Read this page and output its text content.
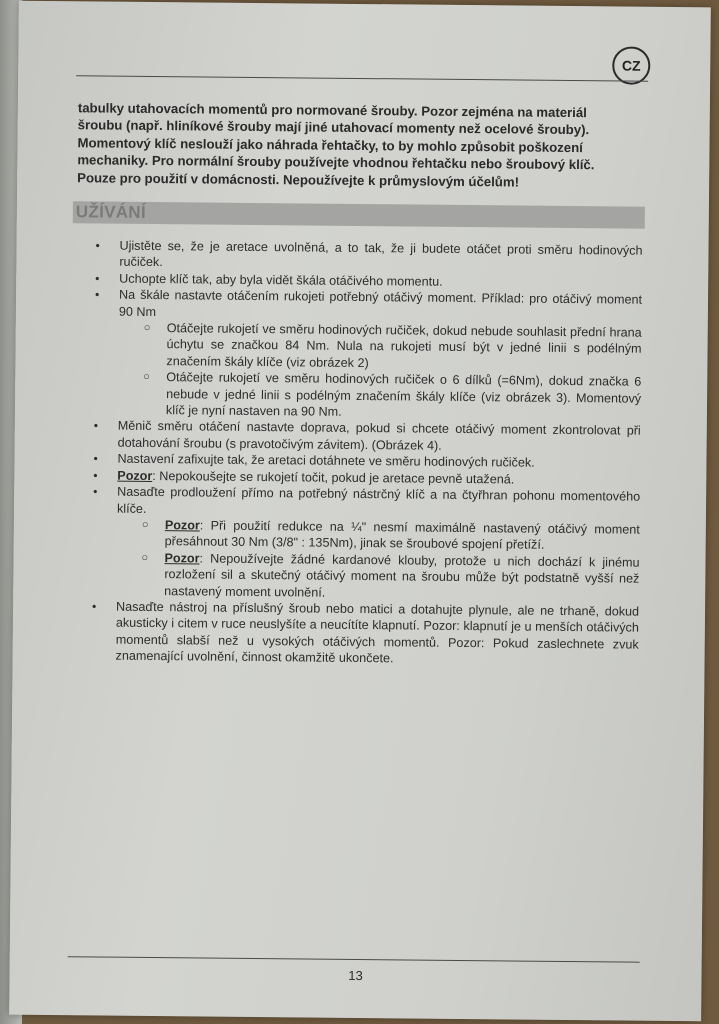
CZ

tabulky utahovacích momentů pro normované šrouby. Pozor zejména na materiál

šroubu (např. hliníkové šrouby mají jiné utahovací momenty než ocelové šrouby).

Momentový klíč neslouží jako náhrada řehtačky, to by mohlo způsobit poškození

mechaniky. Pro normální šrouby používejte vhodnou řehtačku nebo šroubový klíč.

Pouze pro použití v domácnosti. Nepoužívejte k průmyslovým účelům!

UŽÍVÁNÍ
• Ujistěte se, že je aretace uvolněná, a to tak, že ji budete otáčet proti směru hodinových ručiček.

• Uchopte klíč tak, aby byla vidět škála otáčivého momentu.

• Na škále nastavte otáčením rukojeti potřebný otáčivý moment. Příklad: pro otáčivý moment 90 Nm

○ Otáčejte rukojetí ve směru hodinových ručiček, dokud nebude souhlasit přední hrana úchytu se značkou 84 Nm. Nula na rukojeti musí být v jedné linii s podélným značením škály klíče (viz obrázek 2)

○ Otáčejte rukojetí ve směru hodinových ručiček o 6 dílků (=6Nm), dokud značka 6 nebude v jedné linii s podélným značením škály klíče (viz obrázek 3). Momentový klíč je nyní nastaven na 90 Nm.

• Měnič směru otáčení nastavte doprava, pokud si chcete otáčivý moment zkontrolovat při dotahování šroubu (s pravotočivým závitem). (Obrázek 4).

• Nastavení zafixujte tak, že aretaci dotáhnete ve směru hodinových ručiček.

• Pozor: Nepokoušejte se rukojetí točit, pokud je aretace pevně utažená.

• Nasaďte prodloužení přímo na potřebný nástrčný klíč a na čtyřhran pohonu momentového klíče.

○ Pozor: Při použití redukce na ¼" nesmí maximálně nastavený otáčivý moment přesáhnout 30 Nm (3/8" : 135Nm), jinak se šroubové spojení přetíží.

○ Pozor: Nepoužívejte žádné kardanové klouby, protože u nich dochází k jinému rozložení sil a skutečný otáčivý moment na šroubu může být podstatně vyšší než nastavený moment uvolnění.

• Nasaďte nástroj na příslušný šroub nebo matici a dotahujte plynule, ale ne trhaně, dokud akusticky i citem v ruce neuslyšíte a neucítíte klapnutí. Pozor: klapnutí je u menších otáčivých momentů slabší než u vysokých otáčivých momentů. Pozor: Pokud zaslechnete zvuk znamenající uvolnění, činnost okamžitě ukončete.

13
